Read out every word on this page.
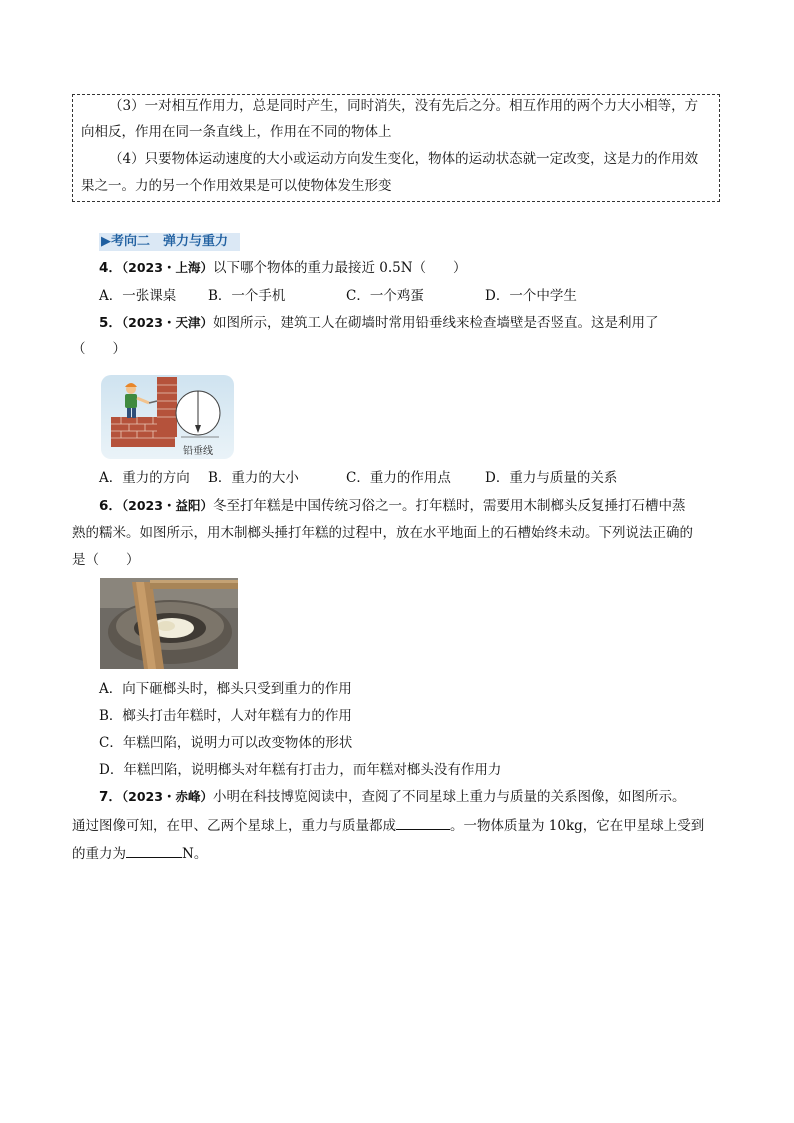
（3）一对相互作用力，总是同时产生，同时消失，没有先后之分。相互作用的两个力大小相等，方
向相反，作用在同一条直线上，作用在不同的物体上
（4）只要物体运动速度的大小或运动方向发生变化，物体的运动状态就一定改变，这是力的作用效
果之一。力的另一个作用效果是可以使物体发生形变
▶考向二　弹力与重力
4．（2023・上海）以下哪个物体的重力最接近 0.5N（　　）
A．一张课桌 B．一个手机	C．一个鸡蛋	D．一个中学生
5．（2023・天津）如图所示，建筑工人在砌墙时常用铅垂线来检查墙壁是否竖直。这是利用了
（　　）
铅垂线
A．重力的方向 B．重力的大小	C．重力的作用点	D．重力与质量的关系
6．（2023・益阳）冬至打年糕是中国传统习俗之一。打年糕时，需要用木制榔头反复捶打石槽中蒸
熟的糯米。如图所示，用木制榔头捶打年糕的过程中，放在水平地面上的石槽始终未动。下列说法正确的
是（　　）
A．向下砸榔头时，榔头只受到重力的作用
B．榔头打击年糕时，人对年糕有力的作用
C．年糕凹陷，说明力可以改变物体的形状
D．年糕凹陷，说明榔头对年糕有打击力，而年糕对榔头没有作用力
7．（2023・赤峰）小明在科技博览阅读中，查阅了不同星球上重力与质量的关系图像，如图所示。
通过图像可知，在甲、乙两个星球上，重力与质量都成	。一物体质量为 10kg，它在甲星球上受到
的重力为	N。
